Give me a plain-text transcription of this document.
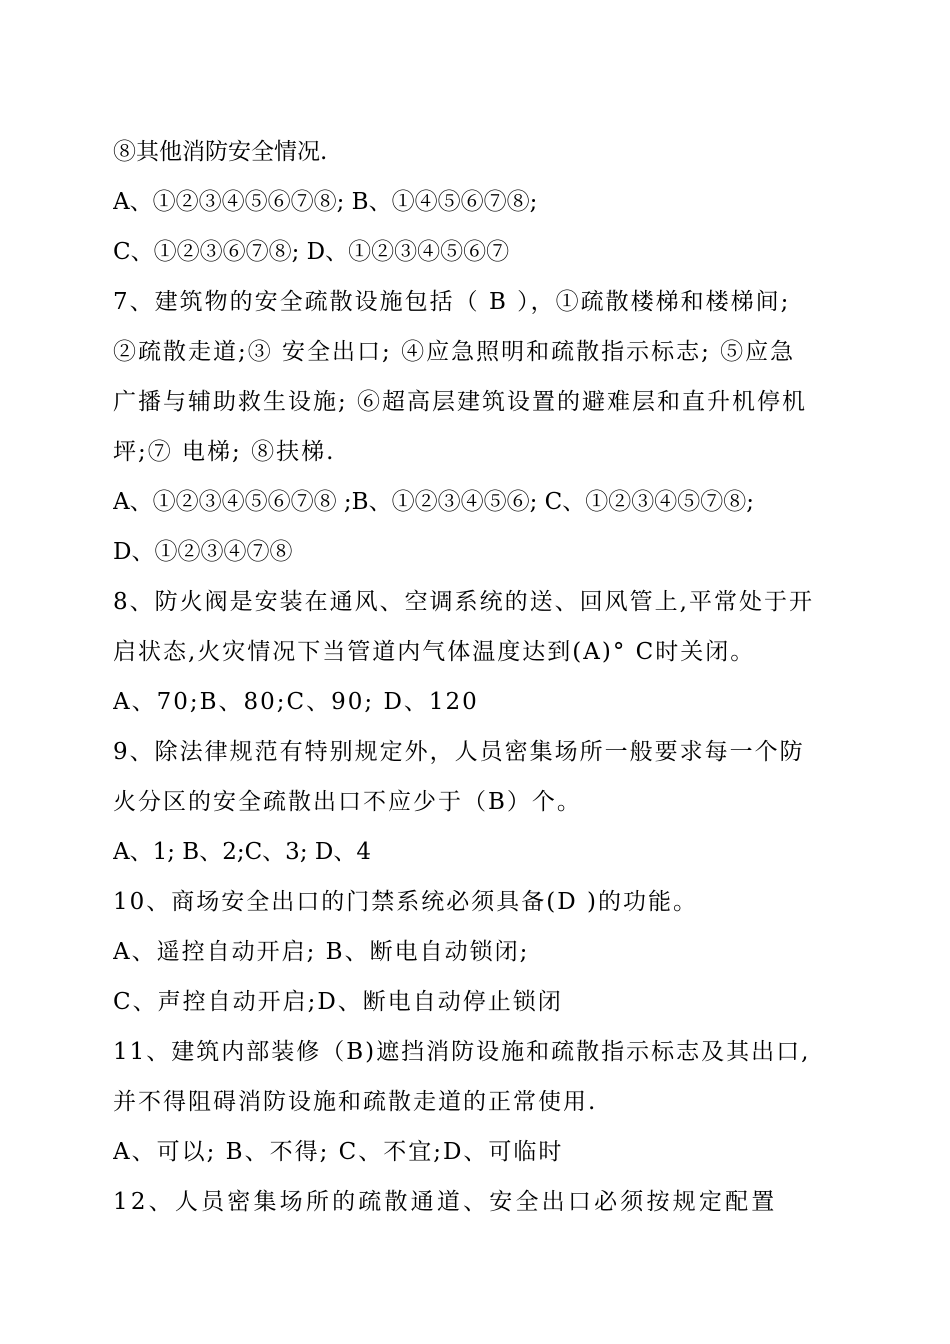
⑧其他消防安全情况.
A、①②③④⑤⑥⑦⑧; B、①④⑤⑥⑦⑧;
C、①②③⑥⑦⑧; D、①②③④⑤⑥⑦
7、建筑物的安全疏散设施包括（ B ），①疏散楼梯和楼梯间;
②疏散走道;③ 安全出口; ④应急照明和疏散指示标志; ⑤应急
广播与辅助救生设施; ⑥超高层建筑设置的避难层和直升机停机
坪;⑦ 电梯; ⑧扶梯.
A、①②③④⑤⑥⑦⑧ ;B、①②③④⑤⑥; C、①②③④⑤⑦⑧;
D、①②③④⑦⑧
8、防火阀是安装在通风、空调系统的送、回风管上,平常处于开
启状态,火灾情况下当管道内气体温度达到(A)° C时关闭。
A、70;B、80;C、90; D、120
9、除法律规范有特别规定外，人员密集场所一般要求每一个防
火分区的安全疏散出口不应少于（B）个。
A、1; B、2;C、3; D、4
10、商场安全出口的门禁系统必须具备(D )的功能。
A、遥控自动开启; B、断电自动锁闭;
C、声控自动开启;D、断电自动停止锁闭
11、建筑内部装修（B)遮挡消防设施和疏散指示标志及其出口,
并不得阻碍消防设施和疏散走道的正常使用.
A、可以; B、不得; C、不宜;D、可临时
12、人员密集场所的疏散通道、安全出口必须按规定配置
